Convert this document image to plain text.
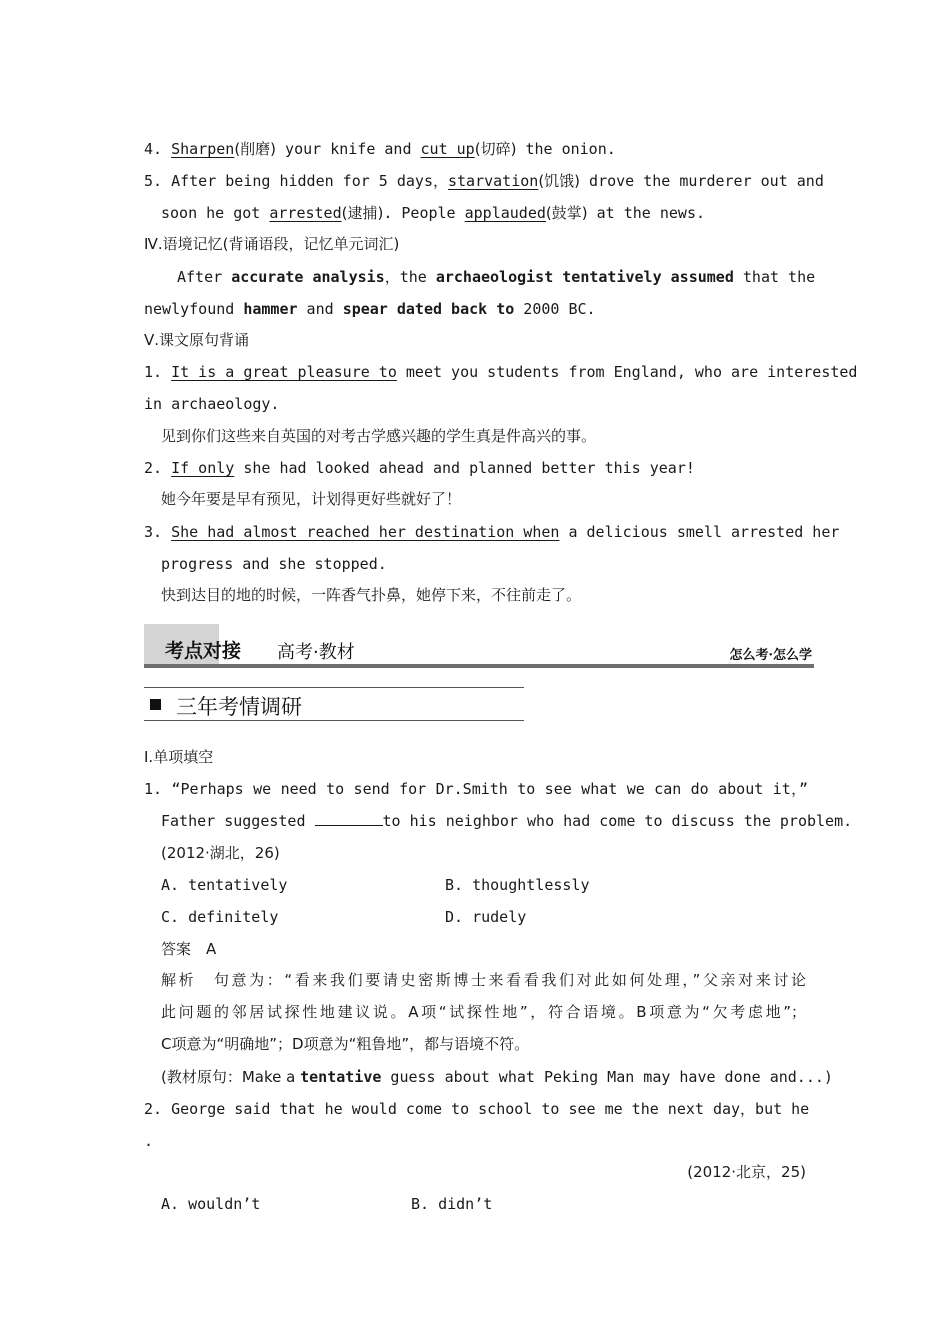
4. Sharpen(削磨) your knife and cut up(切碎) the onion.
5. After being hidden for 5 days，starvation(饥饿) drove the murderer out and
soon he got arrested(逮捕). People applauded(鼓掌) at the news.
Ⅳ.语境记忆(背诵语段，记忆单元词汇)
After accurate analysis，the archaeologist tentatively assumed that the
newlyfound hammer and spear dated back to 2000 BC.
Ⅴ.课文原句背诵
1. It is a great pleasure to meet you students from England, who are interested
in archaeology.
见到你们这些来自英国的对考古学感兴趣的学生真是件高兴的事。
2. If only she had looked ahead and planned better this year!
她今年要是早有预见，计划得更好些就好了！
3. She had almost reached her destination when a delicious smell arrested her
progress and she stopped.
快到达目的地的时候，一阵香气扑鼻，她停下来，不往前走了。
考点对接 高考·教材	怎么考·怎么学
三年考情调研
Ⅰ.单项填空
1. “Perhaps we need to send for Dr.Smith to see what we can do about it，”
Father suggested	to his neighbor who had come to discuss the problem.
(2012·湖北，26)
A. tentatively	B. thoughtlessly
C. definitely	D. rudely
答案　A
解析　句意为：“看来我们要请史密斯博士来看看我们对此如何处理，”父亲对来讨论
此问题的邻居试探性地建议说。A项“试探性地”，符合语境。B项意为“欠考虑地”；
C项意为“明确地”；D项意为“粗鲁地”，都与语境不符。
(教材原句：Make a tentative guess about what Peking Man may have done and...)
2. George said that he would come to school to see me the next day，but he
.
(2012·北京，25)
A. wouldn’t	B. didn’t
